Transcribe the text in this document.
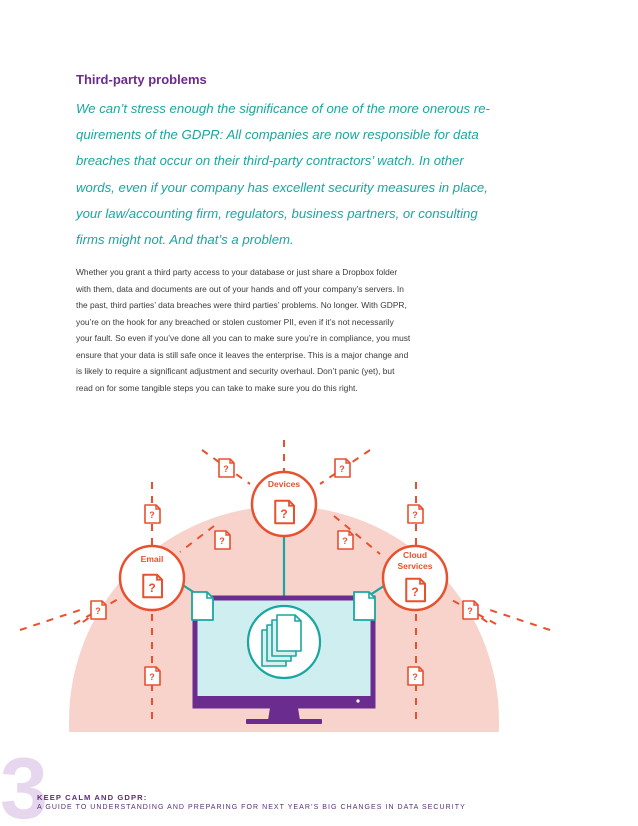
Third-party problems
We can’t stress enough the significance of one of the more onerous re-
quirements of the GDPR: All companies are now responsible for data
breaches that occur on their third-party contractors’ watch. In other
words, even if your company has excellent security measures in place,
your law/accounting firm, regulators, business partners, or consulting
firms might not. And that’s a problem.
Whether you grant a third party access to your database or just share a Dropbox folder
with them, data and documents are out of your hands and off your company’s servers. In
the past, third parties’ data breaches were third parties’ problems. No longer. With GDPR,
you’re on the hook for any breached or stolen customer PII, even if it’s not necessarily
your fault. So even if you’ve done all you can to make sure you’re in compliance, you must
ensure that your data is still safe once it leaves the enterprise. This is a major change and
is likely to require a significant adjustment and security overhaul. Don’t panic (yet), but
read on for some tangible steps you can take to make sure you do this right.
?	?
?	?
?	?
?	?
?	?
Devices
?
Email
?
Cloud
Services
?
3
KEEP CALM AND GDPR:
A GUIDE TO UNDERSTANDING AND PREPARING FOR NEXT YEAR’S BIG CHANGES IN DATA SECURITY
